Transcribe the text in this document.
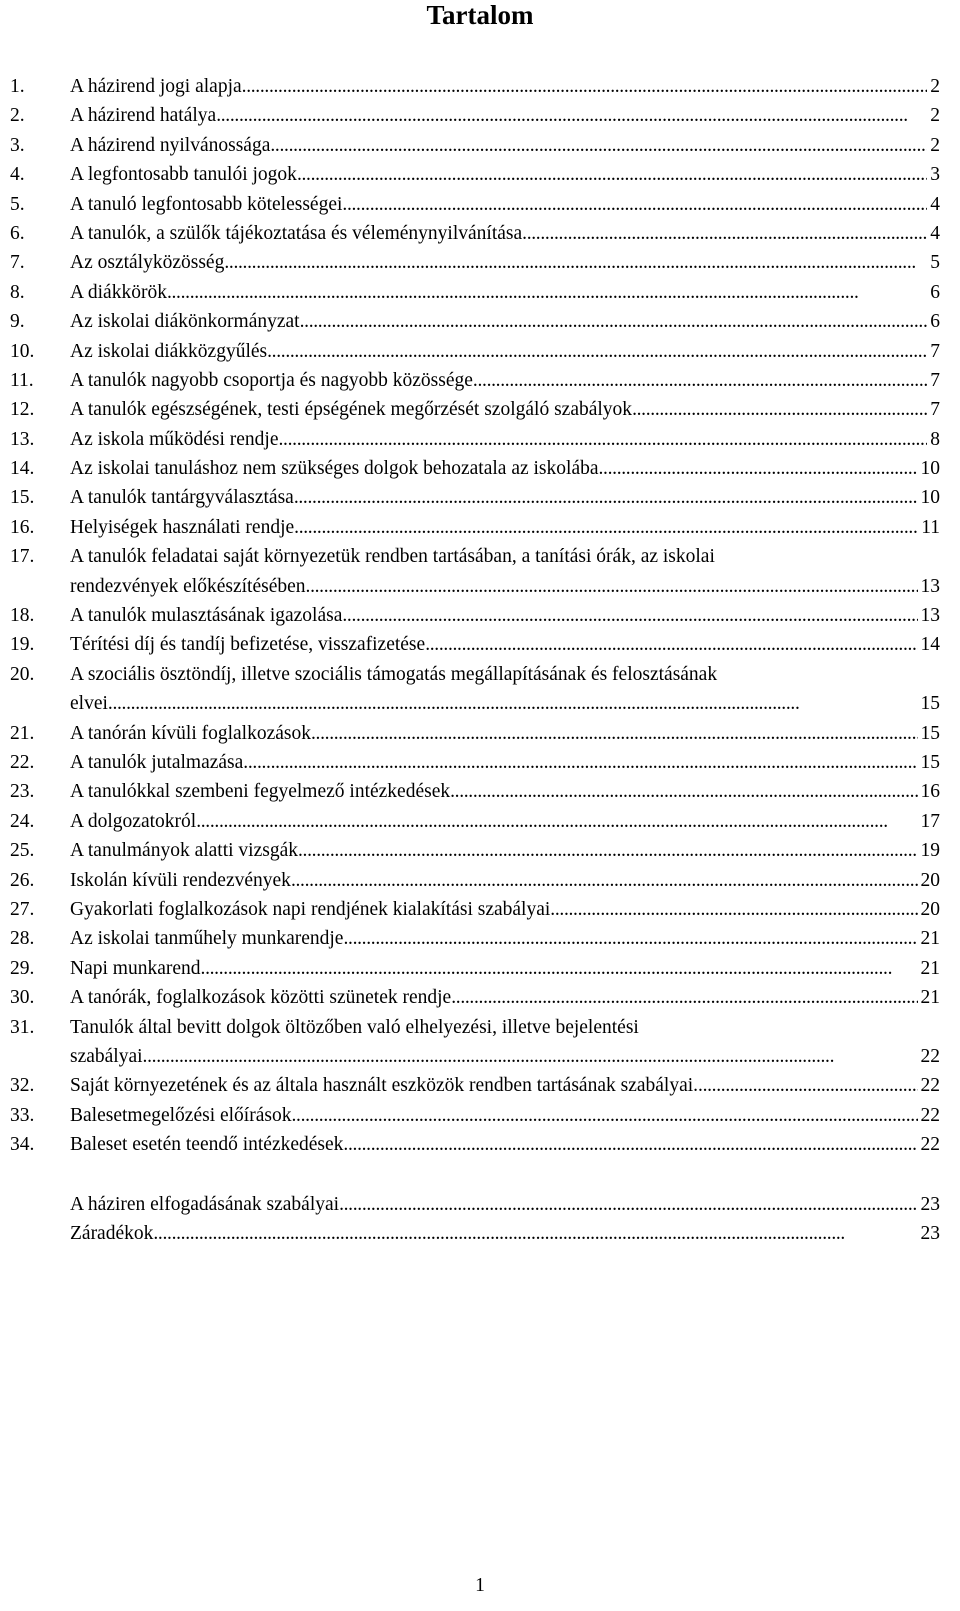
Tartalom
1. A házirend jogi alapja . . .	2
2. A házirend hatálya . . .	2
3. A házirend nyilvánossága . . .	2
4. A legfontosabb tanulói jogok . . .	3
5. A tanuló legfontosabb kötelességei . . .	4
6. A tanulók, a szülők tájékoztatása és véleménynyilvánítása . . .	4
7. Az osztályközösség . . .	5
8. A diákkörök . . .	6
9. Az iskolai diákönkormányzat . . .	6
10. Az iskolai diákközgyűlés . . .	7
11. A tanulók nagyobb csoportja és nagyobb közössége . . .	7
12. A tanulók egészségének, testi épségének megőrzését szolgáló szabályok . . .	7
13. Az iskola működési rendje . . .	8
14. Az iskolai tanuláshoz nem szükséges dolgok behozatala az iskolába . . .	10
15. A tanulók tantárgyválasztása . . .	10
16. Helyiségek használati rendje . . .	11
17. A tanulók feladatai saját környezetük rendben tartásában, a tanítási órák, az iskolai
rendezvények előkészítésében . . .	13
18. A tanulók mulasztásának igazolása . . .	13
19. Térítési díj és tandíj befizetése, visszafizetése . . .	14
20. A szociális ösztöndíj, illetve szociális támogatás megállapításának és felosztásának
elvei . . .	15
21. A tanórán kívüli foglalkozások . . .	15
22. A tanulók jutalmazása . . .	15
23. A tanulókkal szembeni fegyelmező intézkedések . . .	16
24. A dolgozatokról . . .	17
25. A tanulmányok alatti vizsgák . . .	19
26. Iskolán kívüli rendezvények . . .	20
27. Gyakorlati foglalkozások napi rendjének kialakítási szabályai . . .	20
28. Az iskolai tanműhely munkarendje . . .	21
29. Napi munkarend . . .	21
30. A tanórák, foglalkozások közötti szünetek rendje . . .	21
31. Tanulók által bevitt dolgok öltözőben való elhelyezési, illetve bejelentési
szabályai . . .	22
32. Saját környezetének és az általa használt eszközök rendben tartásának szabályai. . . .	22
33. Balesetmegelőzési előírások . . .	22
34. Baleset esetén teendő intézkedések . . .	22
A háziren elfogadásának szabályai . . .	23
Záradékok . . .	23
1
